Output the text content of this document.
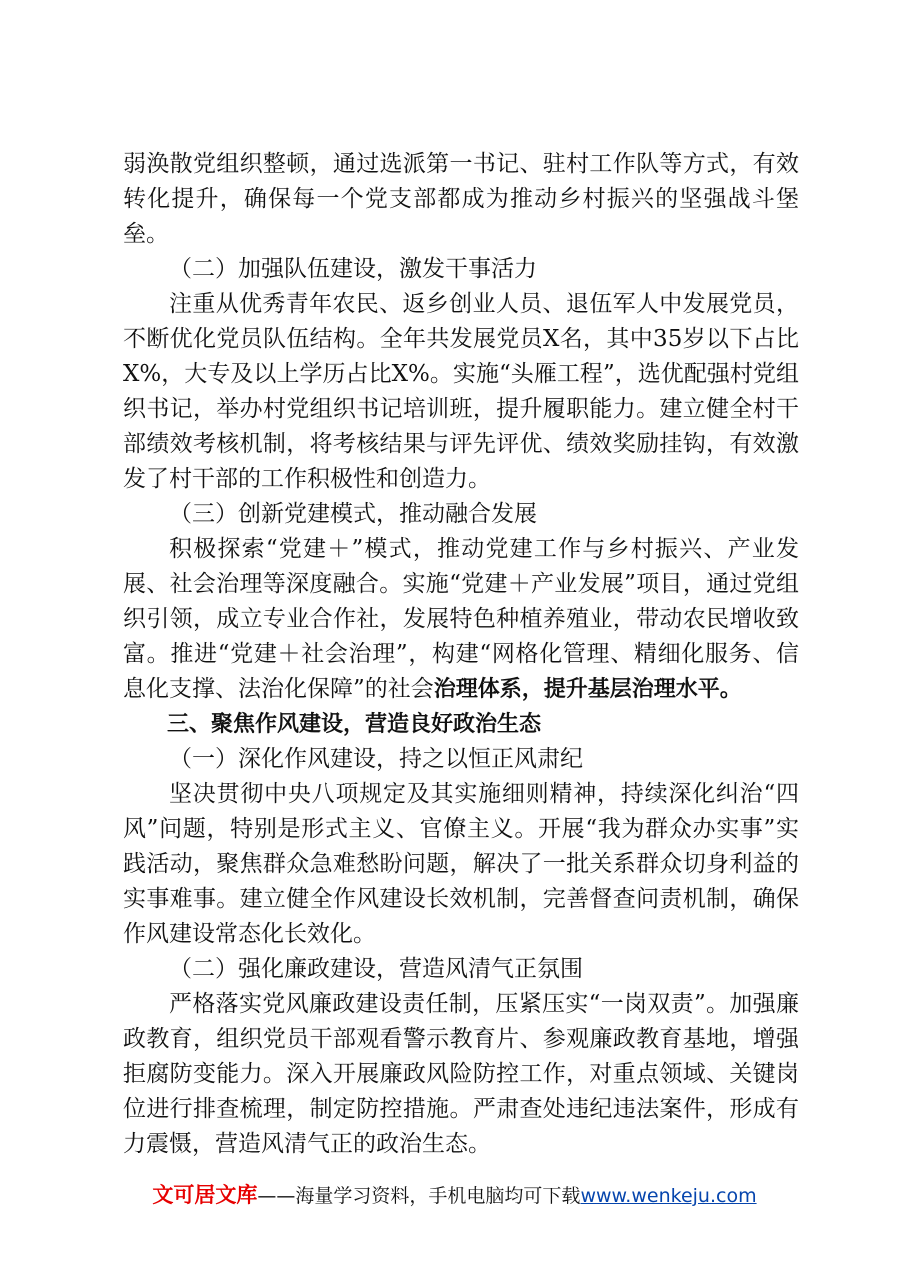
弱涣散党组织整顿，通过选派第一书记、驻村工作队等方式，有效转化提升，确保每一个党支部都成为推动乡村振兴的坚强战斗堡垒。

（二）加强队伍建设，激发干事活力

注重从优秀青年农民、返乡创业人员、退伍军人中发展党员，不断优化党员队伍结构。全年共发展党员X名，其中35岁以下占比X%，大专及以上学历占比X%。实施“头雁工程”，选优配强村党组织书记，举办村党组织书记培训班，提升履职能力。建立健全村干部绩效考核机制，将考核结果与评先评优、绩效奖励挂钩，有效激发了村干部的工作积极性和创造力。

（三）创新党建模式，推动融合发展

积极探索“党建＋”模式，推动党建工作与乡村振兴、产业发展、社会治理等深度融合。实施“党建＋产业发展”项目，通过党组织引领，成立专业合作社，发展特色种植养殖业，带动农民增收致富。推进“党建＋社会治理”，构建“网格化管理、精细化服务、信息化支撑、法治化保障”的社会治理体系，提升基层治理水平。

三、聚焦作风建设，营造良好政治生态

（一）深化作风建设，持之以恒正风肃纪

坚决贯彻中央八项规定及其实施细则精神，持续深化纠治“四风”问题，特别是形式主义、官僚主义。开展“我为群众办实事”实践活动，聚焦群众急难愁盼问题，解决了一批关系群众切身利益的实事难事。建立健全作风建设长效机制，完善督查问责机制，确保作风建设常态化长效化。

（二）强化廉政建设，营造风清气正氛围

严格落实党风廉政建设责任制，压紧压实“一岗双责”。加强廉政教育，组织党员干部观看警示教育片、参观廉政教育基地，增强拒腐防变能力。深入开展廉政风险防控工作，对重点领域、关键岗位进行排查梳理，制定防控措施。严肃查处违纪违法案件，形成有力震慑，营造风清气正的政治生态。

文可居文库——海量学习资料，手机电脑均可下载www.wenkeju.com
